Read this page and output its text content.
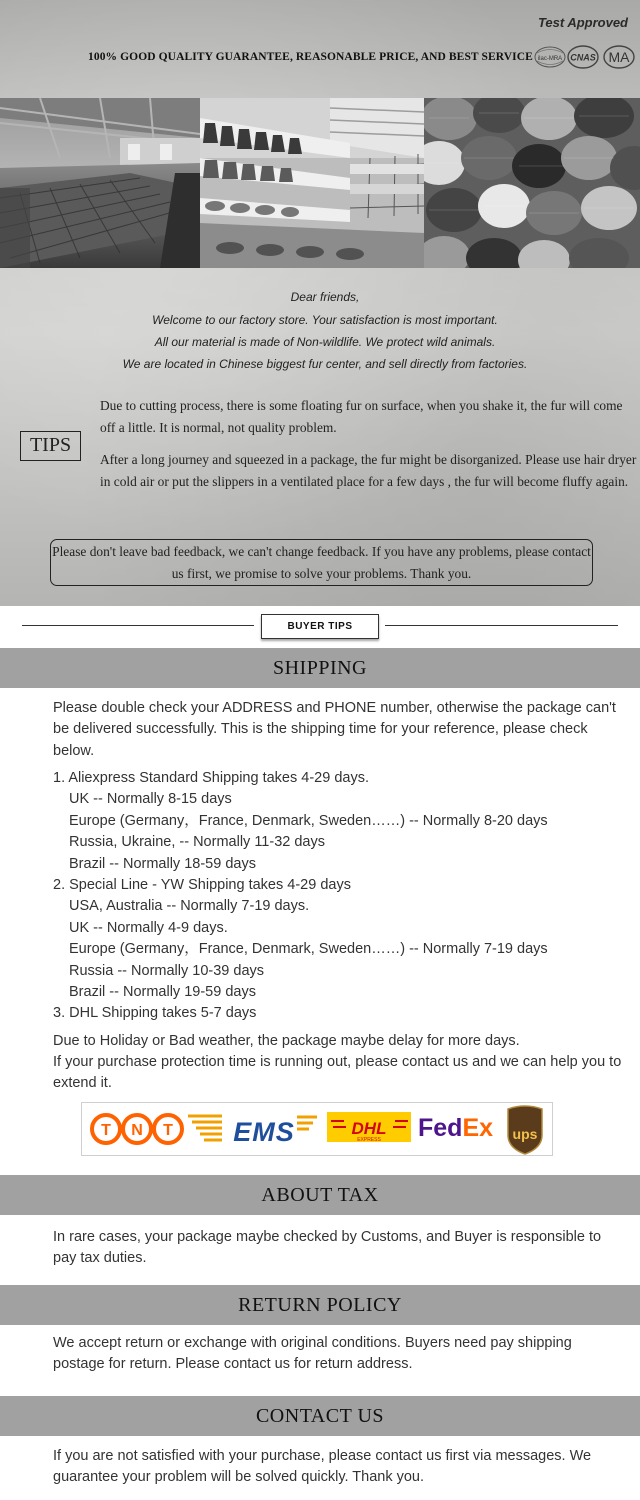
Test Approved
100% GOOD QUALITY GUARANTEE, REASONABLE PRICE, AND BEST SERVICE ilac-MRA CNAS MA
Dear friends,
Welcome to our factory store. Your satisfaction is most important.
All our material is made of Non-wildlife. We protect wild animals.
We are located in Chinese biggest fur center, and sell directly from factories.
TIPS
Due to cutting process, there is some floating fur on surface, when you shake it, the fur will come off a little. It is normal, not quality problem.
After a long journey and squeezed in a package, the fur might be disorganized. Please use hair dryer in cold air or put the slippers in a ventilated place for a few days , the fur will become fluffy again.
Please don't leave bad feedback, we can't change feedback. If you have any problems, please contact us first, we promise to solve your problems. Thank you.
BUYER TIPS
SHIPPING
Please double check your ADDRESS and PHONE number, otherwise the package can't be delivered successfully. This is the shipping time for your reference, please check below.
1. Aliexpress Standard Shipping takes 4-29 days.
UK -- Normally 8-15 days
Europe (Germany，France, Denmark, Sweden……) -- Normally 8-20 days
Russia, Ukraine, -- Normally 11-32 days
Brazil -- Normally 18-59 days
2. Special Line - YW Shipping takes 4-29 days
USA, Australia -- Normally 7-19 days.
UK -- Normally 4-9 days.
Europe (Germany，France, Denmark, Sweden……) -- Normally 7-19 days
Russia -- Normally 10-39 days
Brazil -- Normally 19-59 days
3. DHL Shipping takes 5-7 days
Due to Holiday or Bad weather, the package maybe delay for more days.
If your purchase protection time is running out, please contact us and we can help you to extend it.
T N T EMS	DHL
EXPRESS FedEx ups
ABOUT TAX
In rare cases, your package maybe checked by Customs, and Buyer is responsible to pay tax duties.
RETURN POLICY
We accept return or exchange with original conditions. Buyers need pay shipping postage for return. Please contact us for return address.
CONTACT US
If you are not satisfied with your purchase, please contact us first via messages. We guarantee your problem will be solved quickly. Thank you.
